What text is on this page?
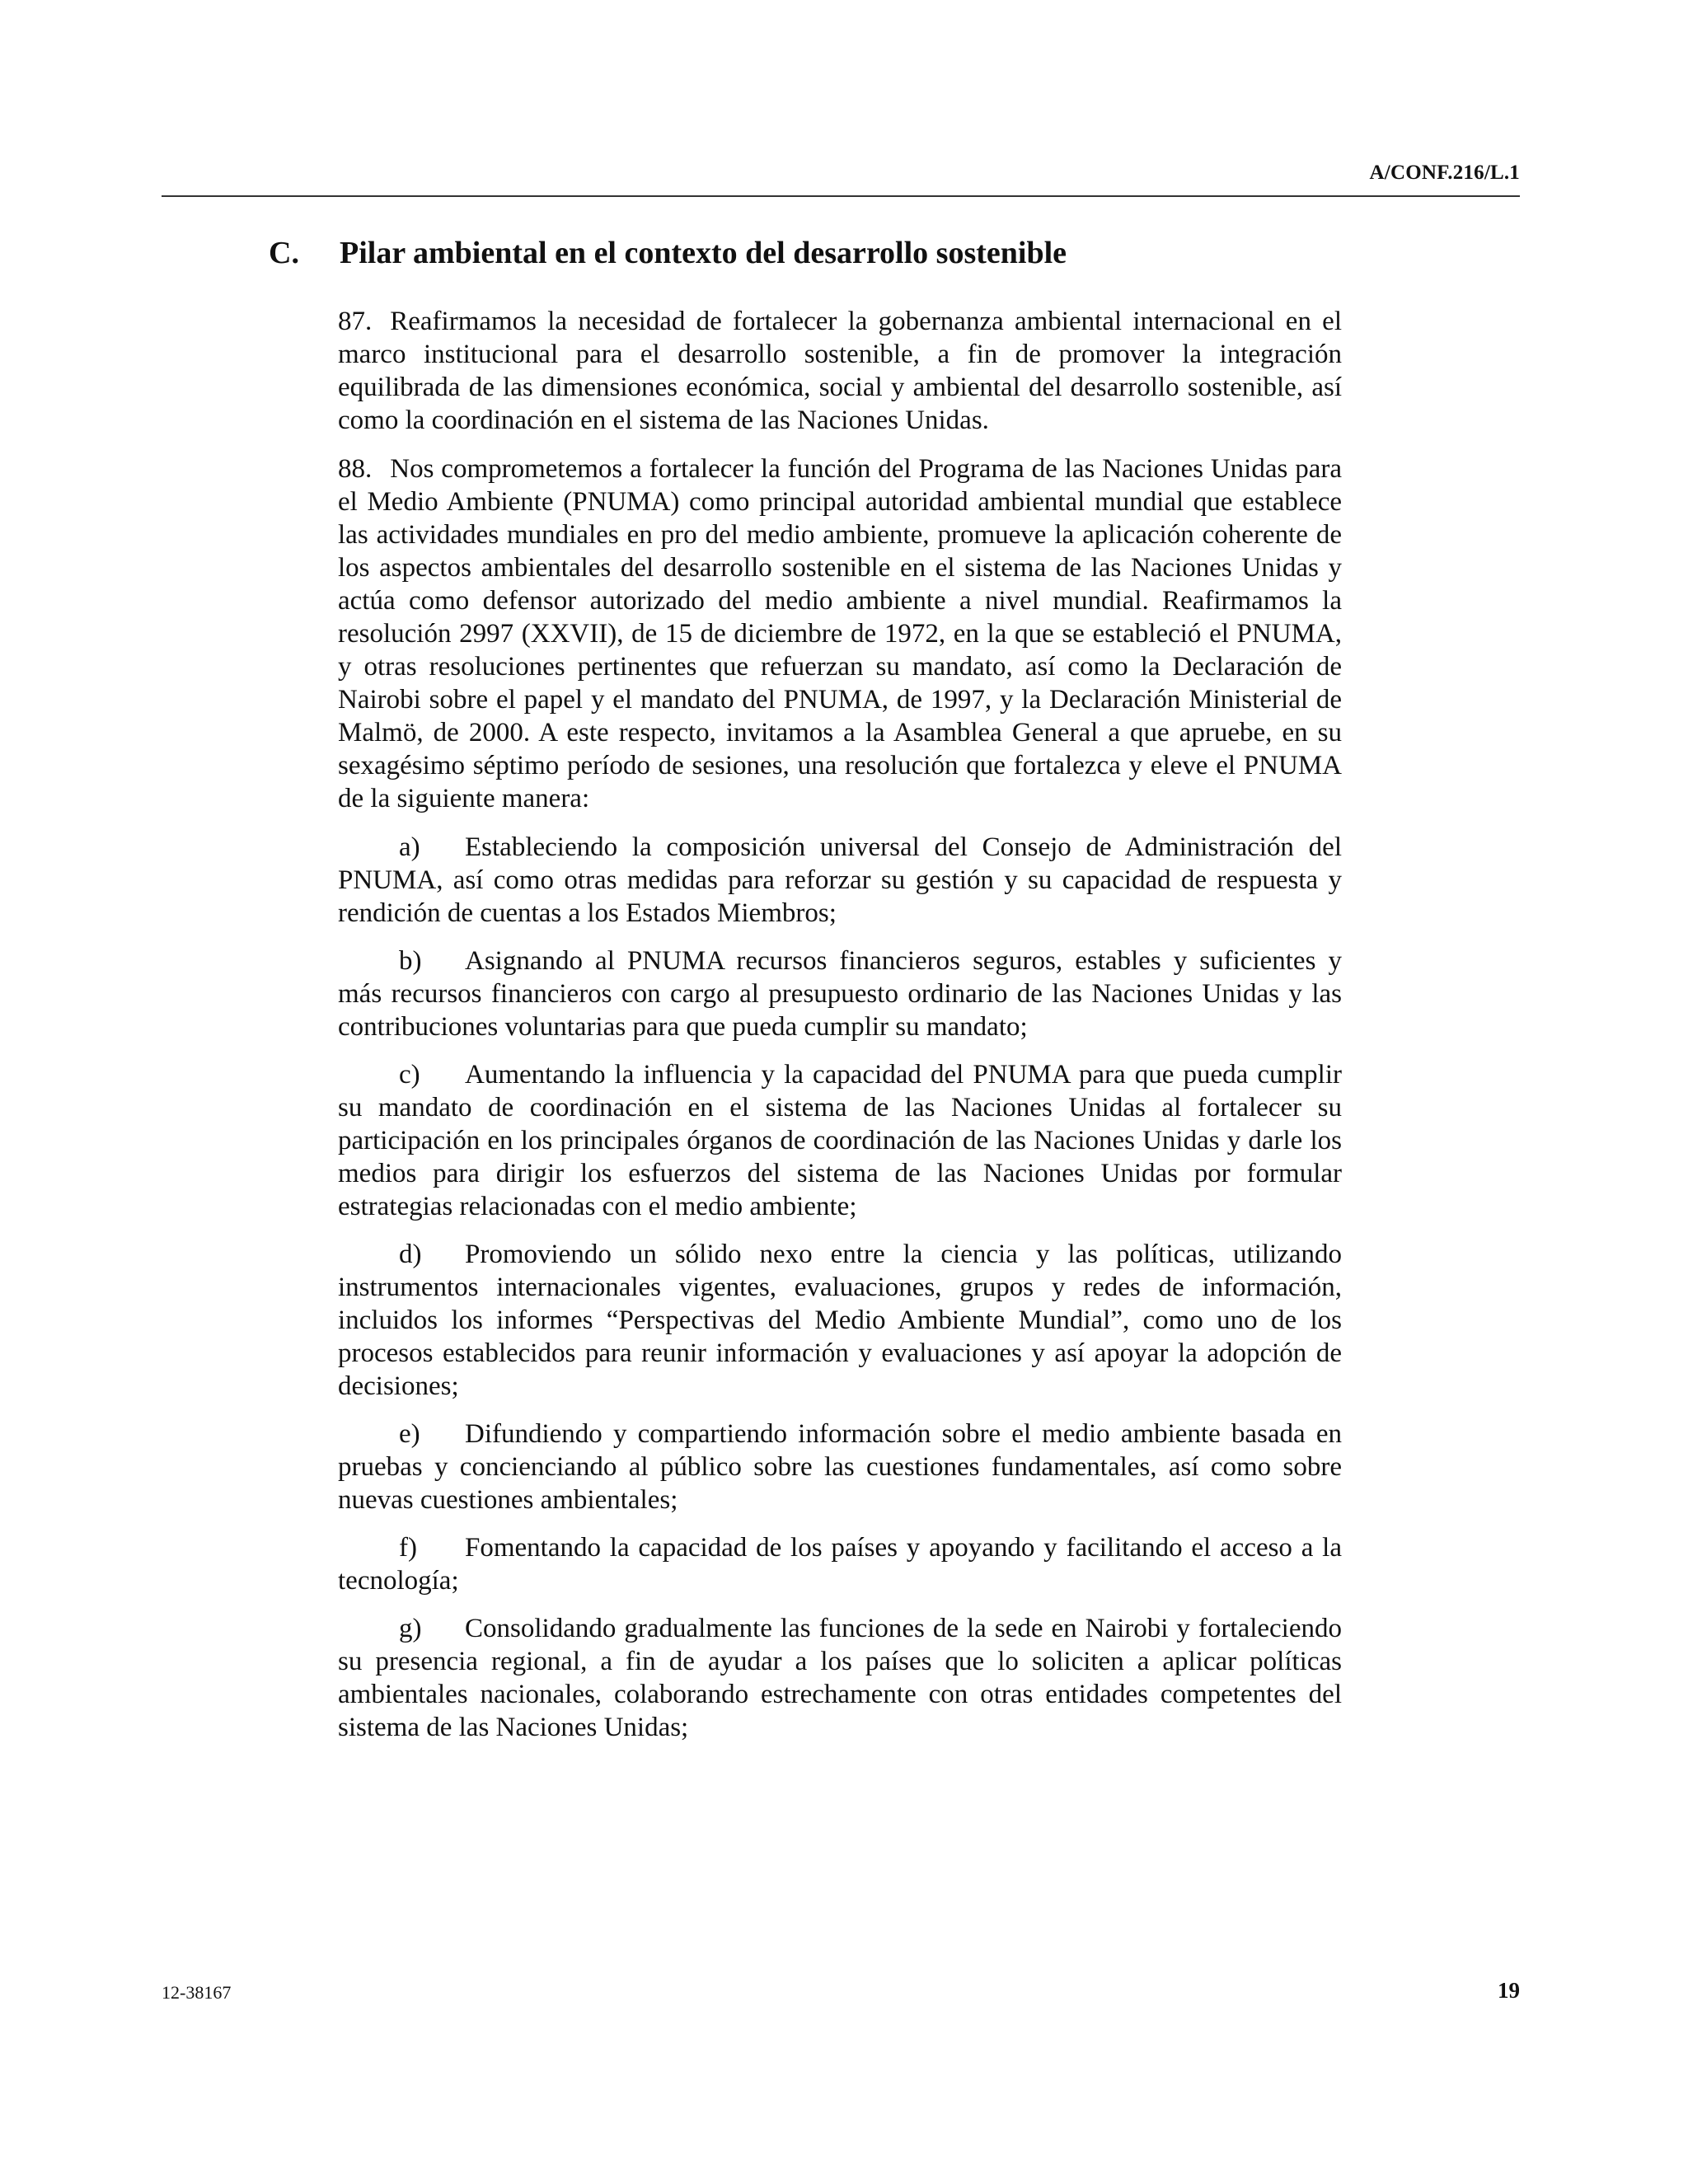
A/CONF.216/L.1
C. Pilar ambiental en el contexto del desarrollo sostenible

87. Reafirmamos la necesidad de fortalecer la gobernanza ambiental internacional en el marco institucional para el desarrollo sostenible, a fin de promover la integración equilibrada de las dimensiones económica, social y ambiental del desarrollo sostenible, así como la coordinación en el sistema de las Naciones Unidas.

88. Nos comprometemos a fortalecer la función del Programa de las Naciones Unidas para el Medio Ambiente (PNUMA) como principal autoridad ambiental mundial que establece las actividades mundiales en pro del medio ambiente, promueve la aplicación coherente de los aspectos ambientales del desarrollo sostenible en el sistema de las Naciones Unidas y actúa como defensor autorizado del medio ambiente a nivel mundial. Reafirmamos la resolución 2997 (XXVII), de 15 de diciembre de 1972, en la que se estableció el PNUMA, y otras resoluciones pertinentes que refuerzan su mandato, así como la Declaración de Nairobi sobre el papel y el mandato del PNUMA, de 1997, y la Declaración Ministerial de Malmö, de 2000. A este respecto, invitamos a la Asamblea General a que apruebe, en su sexagésimo séptimo período de sesiones, una resolución que fortalezca y eleve el PNUMA de la siguiente manera:

a) Estableciendo la composición universal del Consejo de Administración del PNUMA, así como otras medidas para reforzar su gestión y su capacidad de respuesta y rendición de cuentas a los Estados Miembros;

b) Asignando al PNUMA recursos financieros seguros, estables y suficientes y más recursos financieros con cargo al presupuesto ordinario de las Naciones Unidas y las contribuciones voluntarias para que pueda cumplir su mandato;

c) Aumentando la influencia y la capacidad del PNUMA para que pueda cumplir su mandato de coordinación en el sistema de las Naciones Unidas al fortalecer su participación en los principales órganos de coordinación de las Naciones Unidas y darle los medios para dirigir los esfuerzos del sistema de las Naciones Unidas por formular estrategias relacionadas con el medio ambiente;

d) Promoviendo un sólido nexo entre la ciencia y las políticas, utilizando instrumentos internacionales vigentes, evaluaciones, grupos y redes de información, incluidos los informes “Perspectivas del Medio Ambiente Mundial”, como uno de los procesos establecidos para reunir información y evaluaciones y así apoyar la adopción de decisiones;

e) Difundiendo y compartiendo información sobre el medio ambiente basada en pruebas y concienciando al público sobre las cuestiones fundamentales, así como sobre nuevas cuestiones ambientales;

f) Fomentando la capacidad de los países y apoyando y facilitando el acceso a la tecnología;

g) Consolidando gradualmente las funciones de la sede en Nairobi y fortaleciendo su presencia regional, a fin de ayudar a los países que lo soliciten a aplicar políticas ambientales nacionales, colaborando estrechamente con otras entidades competentes del sistema de las Naciones Unidas;

12-38167	19
